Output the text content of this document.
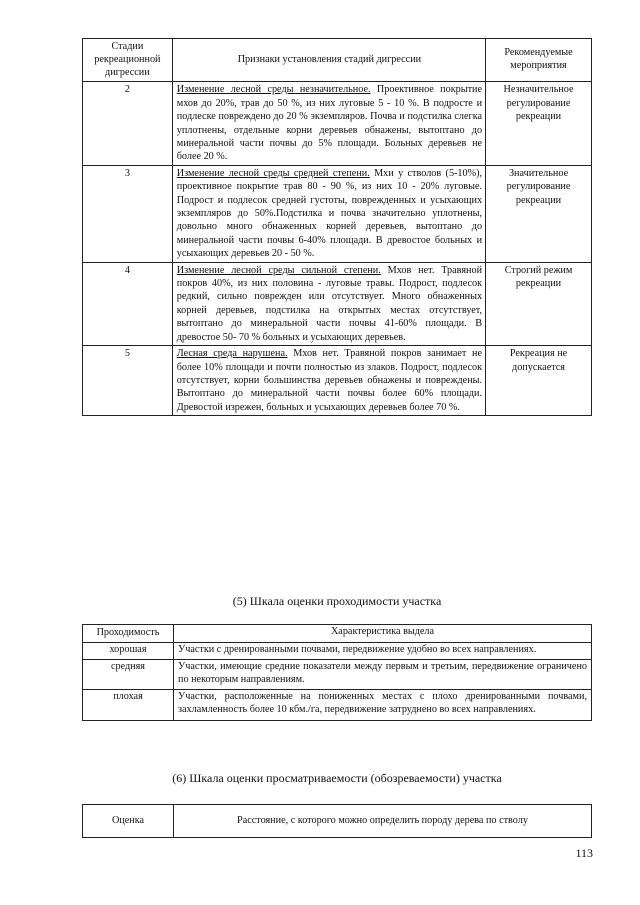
Стадии рекреационной дигрессии	Признаки установления стадий дигрессии	Рекомендуемые мероприятия
2	Изменение лесной среды незначительное. Проективное покрытие мхов до 20%, трав до 50 %, из них луговые 5 - 10 %. В подросте и подлеске повреждено до 20 % экземпляров. Почва и подстилка слегка уплотнены, отдельные корни деревьев обнажены, вытоптано до минеральной части почвы до 5% площади. Больных деревьев не более 20 %.	Незначительное регулирование рекреации
3	Изменение лесной среды средней степени. Мхи у стволов (5-10%), проективное покрытие трав 80 - 90 %, из них 10 - 20% луговые. Подрост и подлесок средней густоты, поврежденных и усыхающих экземпляров до 50%.Подстилка и почва значительно уплотнены, довольно много обнаженных корней деревьев, вытоптано до минеральной части почвы 6-40% площади. В древостое больных и усыхающих деревьев 20 - 50 %.	Значительное регулирование рекреации
4	Изменение лесной среды сильной степени. Мхов нет. Травяной покров 40%, из них половина - луговые травы. Подрост, подлесок редкий, сильно поврежден или отсутствует. Много обнаженных корней деревьев, подстилка на открытых местах отсутствует, вытоптано до минеральной части почвы 41-60% площади. В древостое 50- 70 % больных и усыхающих деревьев.	Строгий режим рекреации
5	Лесная среда нарушена. Мхов нет. Травяной покров занимает не более 10% площади и почти полностью из злаков. Подрост, подлесок отсутствует, корни большинства деревьев обнажены и повреждены. Вытоптано до минеральной части почвы более 60% площади. Древостой изрежен, больных и усыхающих деревьев более 70 %.	Рекреация не допускается
(5) Шкала оценки проходимости участка
Проходимость	Характеристика выдела
хорошая	Участки с дренированными почвами, передвижение удобно во всех направлениях.
средняя	Участки, имеющие средние показатели между первым и третьим, передвижение ограничено по некоторым направлениям.
плохая	Участки, расположенные на пониженных местах с плохо дренированными почвами, захламленность более 10 кбм./га, передвижение затруднено во всех направлениях.
(6) Шкала оценки просматриваемости (обозреваемости) участка
Оценка	Расстояние, с которого можно определить породу дерева по стволу
113
